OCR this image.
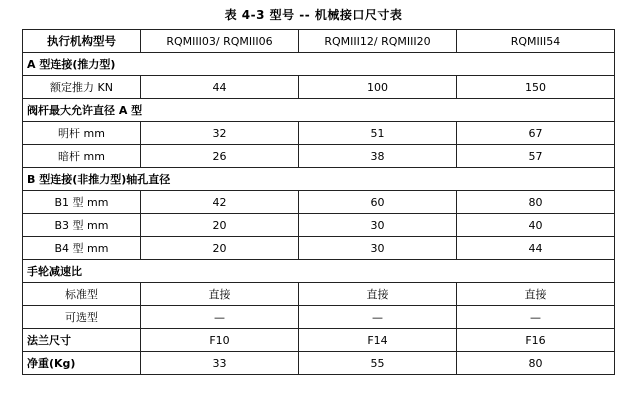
表 4-3 型号 -- 机械接口尺寸表
执行机构型号	RQMIII03/ RQMIII06	RQMIII12/ RQMIII20	RQMIII54
A 型连接(推力型)			
额定推力 KN	44	100	150
阀杆最大允许直径 A 型			
明杆 mm	32	51	67
暗杆 mm	26	38	57
B 型连接(非推力型)轴孔直径			
B1 型 mm	42	60	80
B3 型 mm	20	30	40
B4 型 mm	20	30	44
手轮减速比			
标准型	直接	直接	直接
可选型	—	—	—
法兰尺寸	F10	F14	F16
净重(Kg)	33	55	80
